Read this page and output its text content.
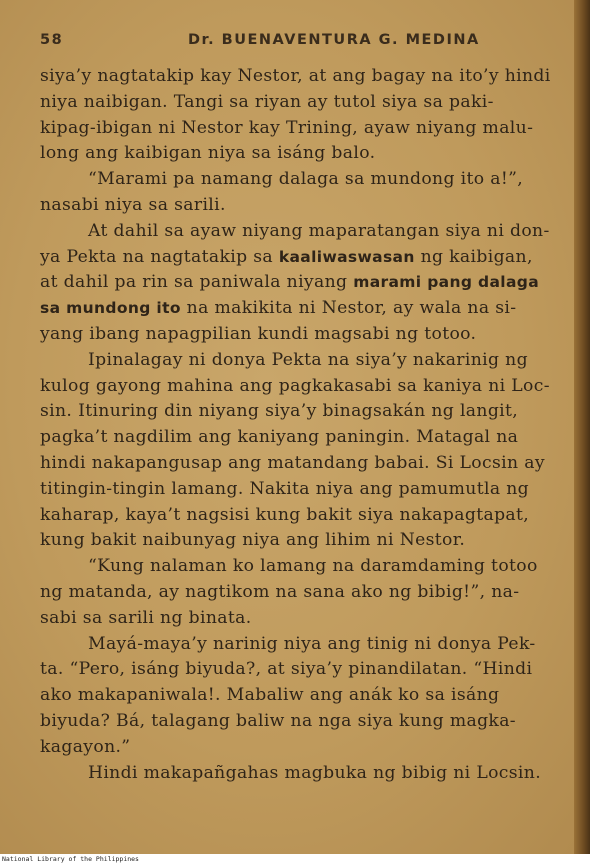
58	Dr. BUENAVENTURA G. MEDINA
siya’y nagtatakip kay Nestor, at ang bagay na ito’y hindi
niya naibigan. Tangi sa riyan ay tutol siya sa paki-
kipag-ibigan ni Nestor kay Trining, ayaw niyang malu-
long ang kaibigan niya sa isáng balo.
“Marami pa namang dalaga sa mundong ito a!”,
nasabi niya sa sarili.
At dahil sa ayaw niyang maparatangan siya ni don-
ya Pekta na nagtatakip sa kaaliwaswasan ng kaibigan,
at dahil pa rin sa paniwala niyang marami pang dalaga
sa mundong ito na makikita ni Nestor, ay wala na si-
yang ibang napagpilian kundi magsabi ng totoo.
Ipinalagay ni donya Pekta na siya’y nakarinig ng
kulog gayong mahina ang pagkakasabi sa kaniya ni Loc-
sin. Itinuring din niyang siya’y binagsakán ng langit,
pagka’t nagdilim ang kaniyang paningin. Matagal na
hindi nakapangusap ang matandang babai. Si Locsin ay
titingin-tingin lamang. Nakita niya ang pamumutla ng
kaharap, kaya’t nagsisi kung bakit siya nakapagtapat,
kung bakit naibunyag niya ang lihim ni Nestor.
“Kung nalaman ko lamang na daramdaming totoo
ng matanda, ay nagtikom na sana ako ng bibig!”, na-
sabi sa sarili ng binata.
Mayá-maya’y narinig niya ang tinig ni donya Pek-
ta. “Pero, isáng biyuda?, at siya’y pinandilatan. “Hindi
ako makapaniwala!. Mabaliw ang anák ko sa isáng
biyuda? Bá, talagang baliw na nga siya kung magka-
kagayon.”
Hindi makapañgahas magbuka ng bibig ni Locsin.
National Library of the Philippines
